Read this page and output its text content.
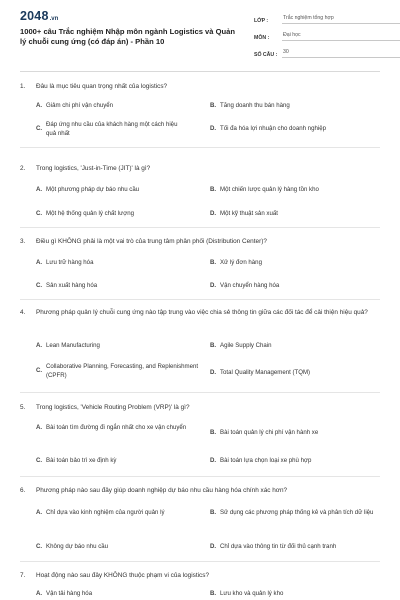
2048 .vn
1000+ câu Trắc nghiệm Nhập môn ngành Logistics và Quản lý chuỗi cung ứng (có đáp án) - Phần 10
LỚP :	Trắc nghiệm tổng hợp
MÔN :	Đại học
SỐ CÂU :	30
1.	Đâu là mục tiêu quan trọng nhất của logistics?
A. Giảm chi phí vận chuyển	B. Tăng doanh thu bán hàng
C.
Đáp ứng nhu cầu của khách hàng một cách hiệu quả nhất
D. Tối đa hóa lợi nhuận cho doanh nghiệp
2.	Trong logistics, 'Just-in-Time (JIT)' là gì?
A. Một phương pháp dự báo nhu cầu	B. Một chiến lược quản lý hàng tồn kho
C. Một hệ thống quản lý chất lượng	D. Một kỹ thuật sản xuất
3.	Điều gì KHÔNG phải là một vai trò của trung tâm phân phối (Distribution Center)?
A. Lưu trữ hàng hóa	B. Xử lý đơn hàng
C. Sản xuất hàng hóa	D. Vận chuyển hàng hóa
4.	Phương pháp quản lý chuỗi cung ứng nào tập trung vào việc chia sẻ thông tin giữa các đối tác để cải thiện hiệu quả?
A. Lean Manufacturing	B. Agile Supply Chain
C.
Collaborative Planning, Forecasting, and Replenishment (CPFR)	D. Total Quality Management (TQM)
5.	Trong logistics, 'Vehicle Routing Problem (VRP)' là gì?
A. Bài toán tìm đường đi ngắn nhất cho xe vận chuyển
B. Bài toán quản lý chi phí vận hành xe
C. Bài toán bảo trì xe định kỳ	D. Bài toán lựa chọn loại xe phù hợp
6.	Phương pháp nào sau đây giúp doanh nghiệp dự báo nhu cầu hàng hóa chính xác hơn?
A. Chỉ dựa vào kinh nghiệm của người quản lý	B. Sử dụng các phương pháp thống kê và phân tích dữ liệu
C. Không dự báo nhu cầu	D. Chỉ dựa vào thông tin từ đối thủ cạnh tranh
7.	Hoạt động nào sau đây KHÔNG thuộc phạm vi của logistics?
A. Vận tải hàng hóa	B. Lưu kho và quản lý kho
